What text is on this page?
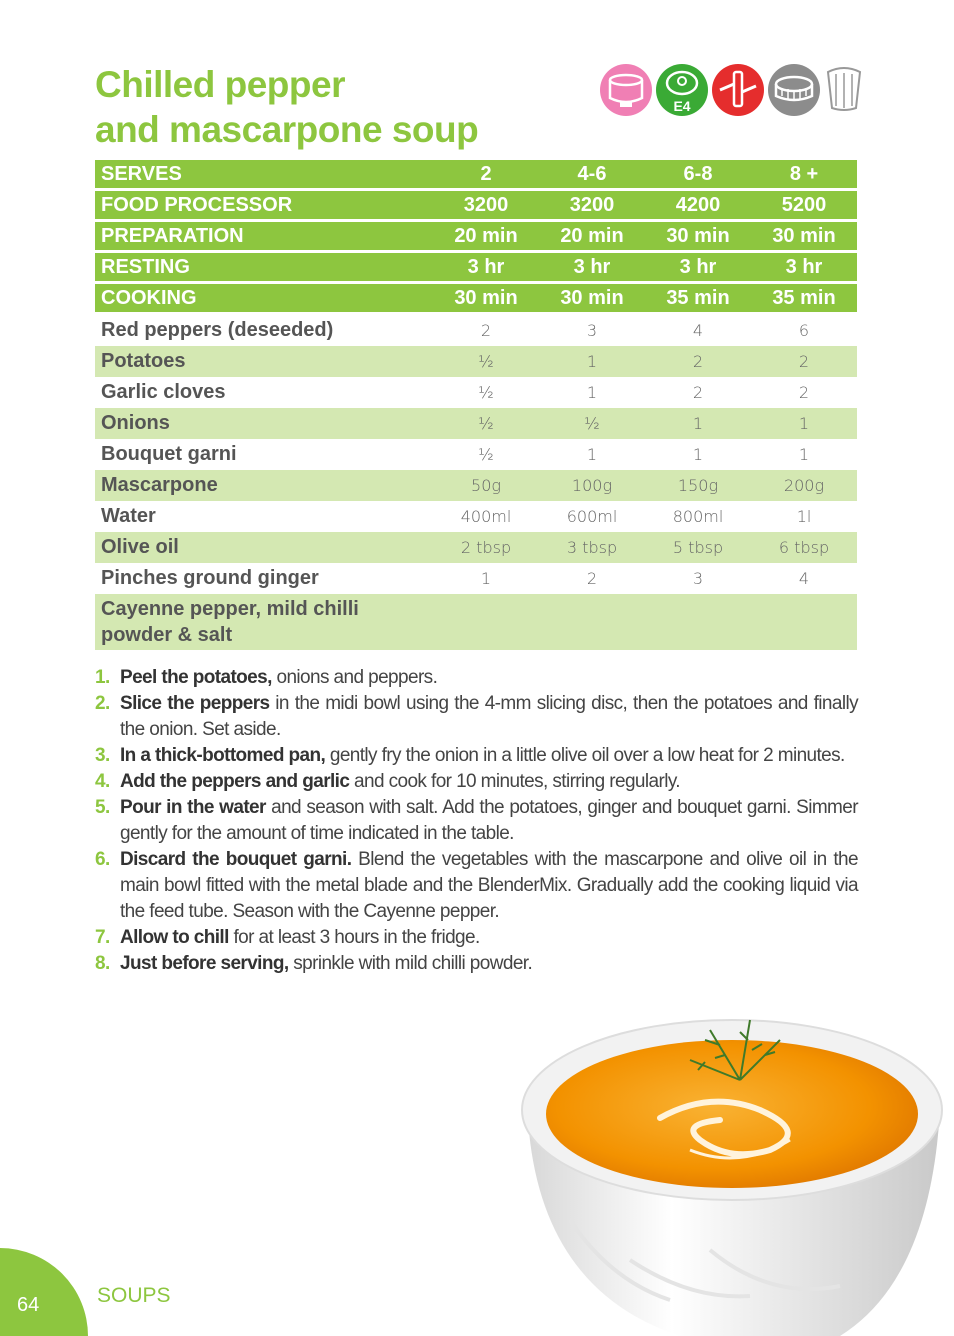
Chilled pepper
and mascarpone soup
E4
SERVES	2	4-6	6-8	8 +
FOOD PROCESSOR	3200	3200	4200	5200
PREPARATION	20 min	20 min	30 min	30 min
RESTING	3 hr	3 hr	3 hr	3 hr
COOKING	30 min	30 min	35 min	35 min
Red peppers (deseeded)	2	3	4	6
Potatoes	½	1	2	2
Garlic cloves	½	1	2	2
Onions	½	½	1	1
Bouquet garni	½	1	1	1
Mascarpone	50g	100g	150g	200g
Water	400ml	600ml	800ml	1l
Olive oil	2 tbsp	3 tbsp	5 tbsp	6 tbsp
Pinches ground ginger	1	2	3	4
Cayenne pepper, mild chilli
powder & salt				
1. Peel the potatoes, onions and peppers.
2. Slice the peppers in the midi bowl using the 4-mm slicing disc, then the potatoes and finally the onion. Set aside.
3. In a thick-bottomed pan, gently fry the onion in a little olive oil over a low heat for 2 minutes.
4. Add the peppers and garlic and cook for 10 minutes, stirring regularly.
5. Pour in the water and season with salt. Add the potatoes, ginger and bouquet garni. Simmer gently for the amount of time indicated in the table.
6. Discard the bouquet garni. Blend the vegetables with the mascarpone and olive oil in the main bowl fitted with the metal blade and the BlenderMix. Gradually add the cooking liquid via the feed tube. Season with the Cayenne pepper.
7. Allow to chill for at least 3 hours in the fridge.
8. Just before serving, sprinkle with mild chilli powder.
64	SOUPS
